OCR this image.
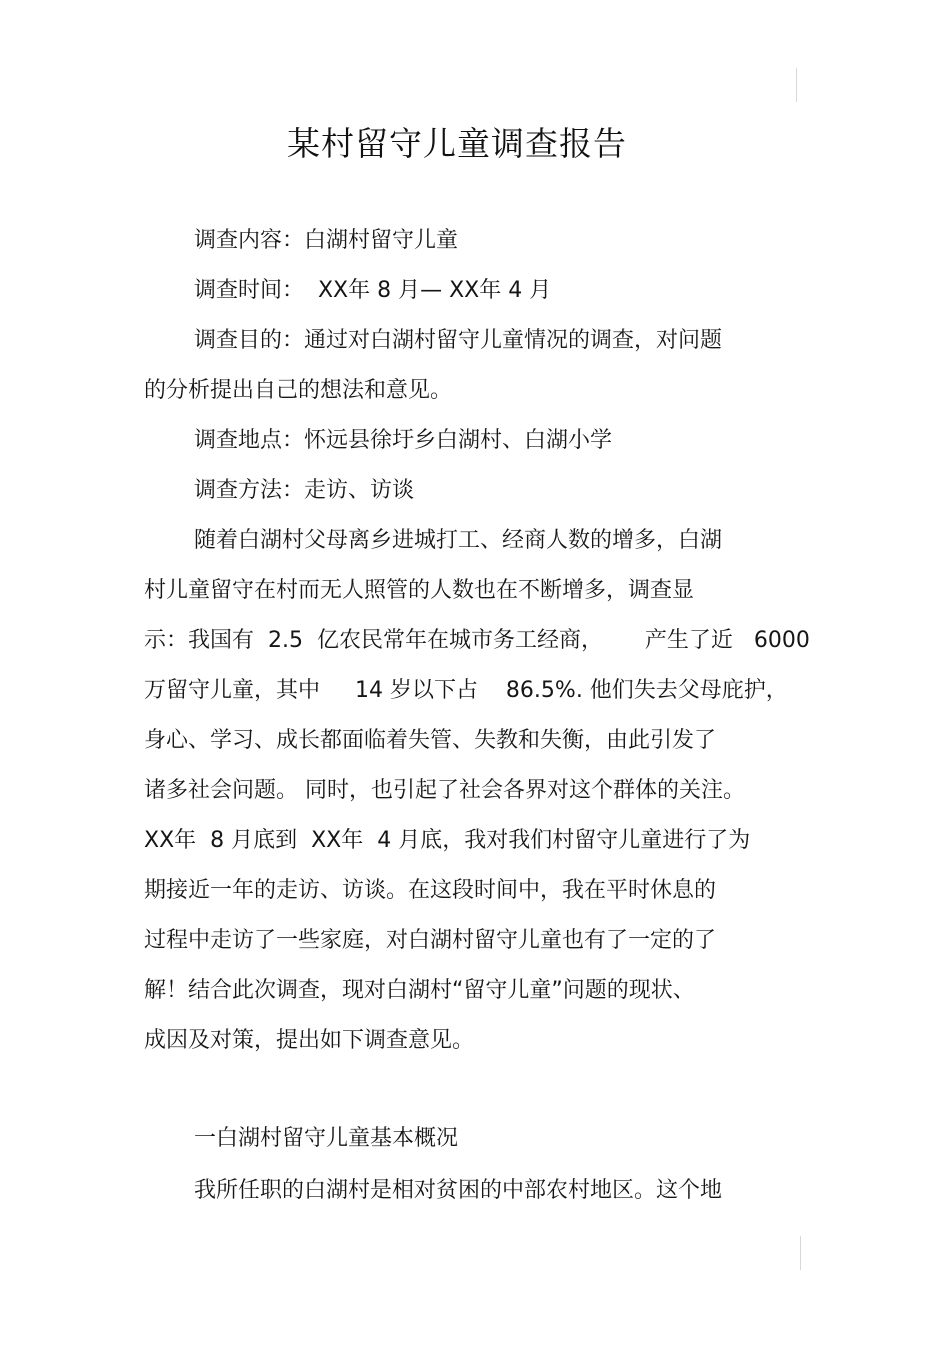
某村留守儿童调查报告
调查内容：白湖村留守儿童
调查时间：  XX年 8 月— XX年 4 月
调查目的：通过对白湖村留守儿童情况的调查，对问题
的分析提出自己的想法和意见。
调查地点：怀远县徐圩乡白湖村、白湖小学
调查方法：走访、访谈
随着白湖村父母离乡进城打工、经商人数的增多，白湖
村儿童留守在村而无人照管的人数也在不断增多，调查显
示：我国有  2.5  亿农民常年在城市务工经商，      产生了近   6000
万留守儿童，其中     14 岁以下占    86.5%. 他们失去父母庇护，
身心、学习、成长都面临着失管、失教和失衡，由此引发了
诸多社会问题。 同时，也引起了社会各界对这个群体的关注。
XX年  8 月底到  XX年  4 月底，我对我们村留守儿童进行了为
期接近一年的走访、访谈。在这段时间中，我在平时休息的
过程中走访了一些家庭，对白湖村留守儿童也有了一定的了
解！结合此次调查，现对白湖村“留守儿童”问题的现状、
成因及对策，提出如下调查意见。
一白湖村留守儿童基本概况
我所任职的白湖村是相对贫困的中部农村地区。这个地
